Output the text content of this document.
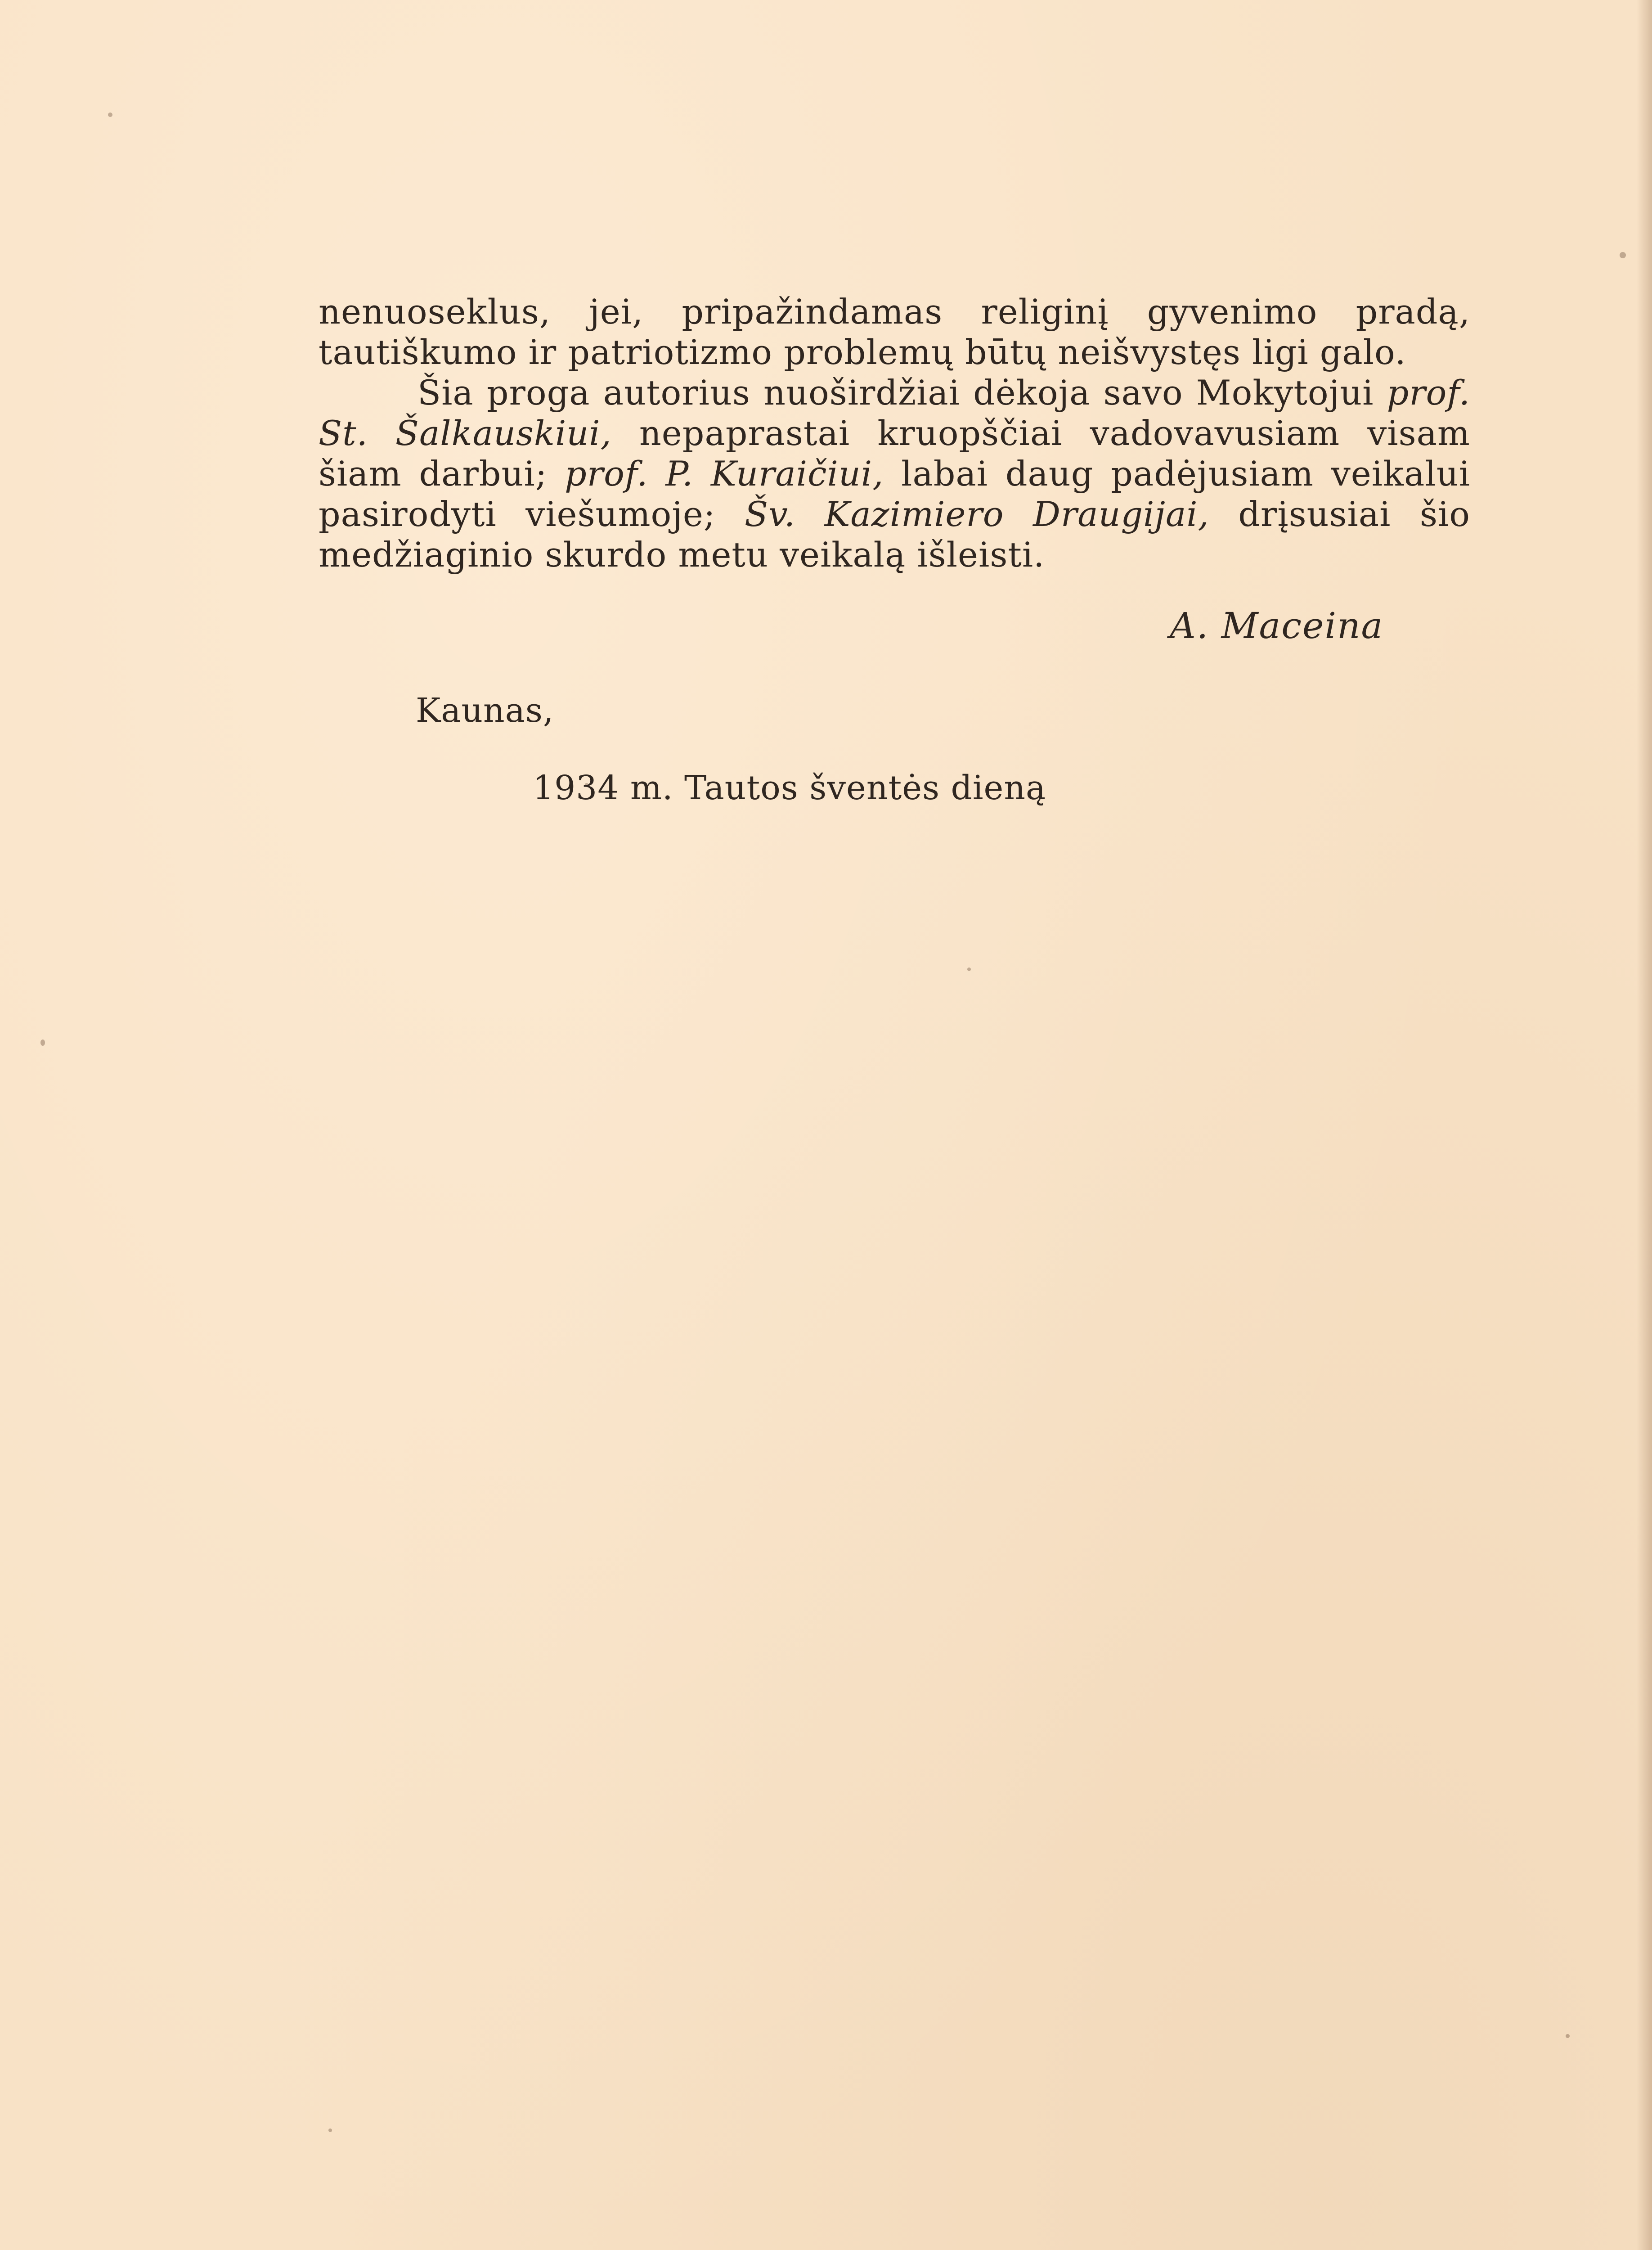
nenuoseklus, jei, pripažindamas religinį gyvenimo pradą, tautiškumo ir patriotizmo problemų būtų neišvystęs ligi galo.

Šia proga autorius nuoširdžiai dėkoja savo Mokytojui prof. St. Šalkauskiui, nepaprastai kruopščiai vadovavusiam visam šiam darbui; prof. P. Kuraičiui, labai daug padėjusiam veikalui pasirodyti viešumoje; Šv. Kazimiero Draugijai, drįsusiai šio medžiaginio skurdo metu veikalą išleisti.

A. Maceina
Kaunas,
1934 m. Tautos šventės dieną
